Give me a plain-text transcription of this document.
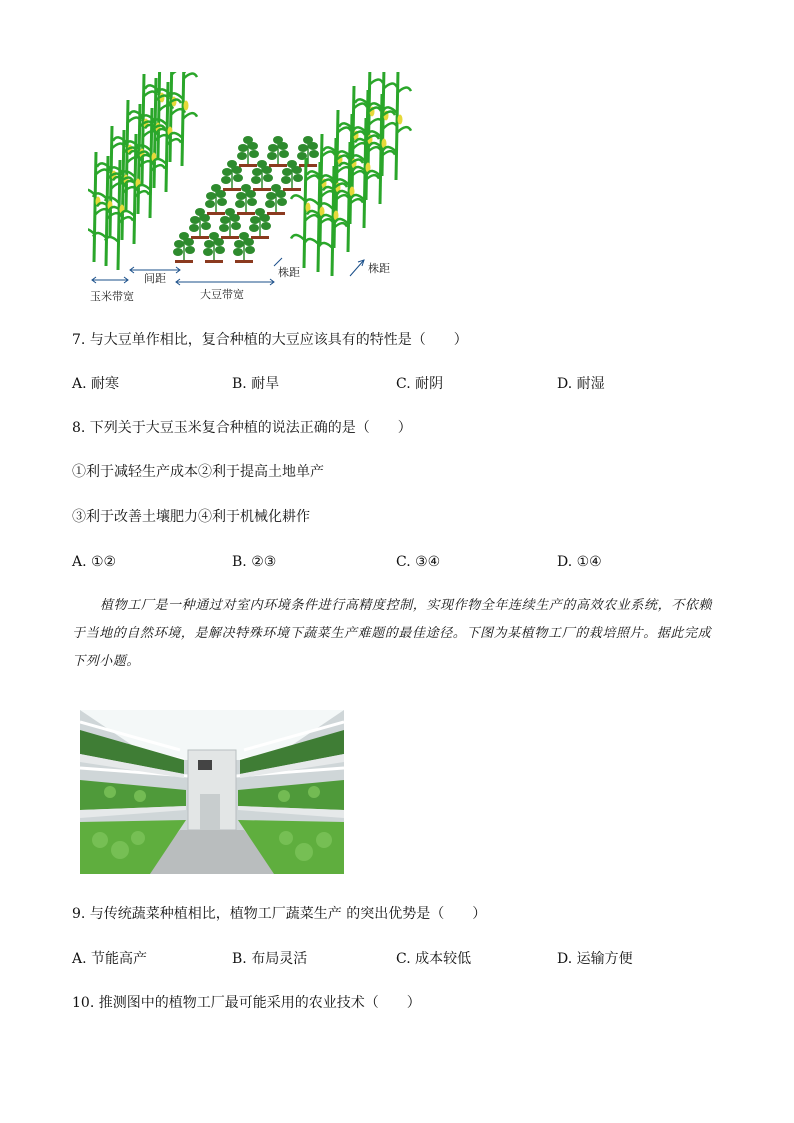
玉米带宽
间距
大豆带宽
株距	株距
7. 与大豆单作相比，复合种植的大豆应该具有的特性是（　　）
A. 耐寒	B. 耐旱	C. 耐阴	D. 耐湿
8. 下列关于大豆玉米复合种植的说法正确的是（　　）
①利于减轻生产成本②利于提高土地单产
③利于改善土壤肥力④利于机械化耕作
A. ①②	B. ②③	C. ③④	D. ①④
植物工厂是一种通过对室内环境条件进行高精度控制，实现作物全年连续生产的高效农业系统，不依赖于当地的自然环境，是解决特殊环境下蔬菜生产难题的最佳途径。下图为某植物工厂的栽培照片。据此完成下列小题。
9. 与传统蔬菜种植相比，植物工厂蔬菜生产 的突出优势是（　　）
A. 节能高产	B. 布局灵活	C. 成本较低	D. 运输方便
10. 推测图中的植物工厂最可能采用的农业技术（　　）
